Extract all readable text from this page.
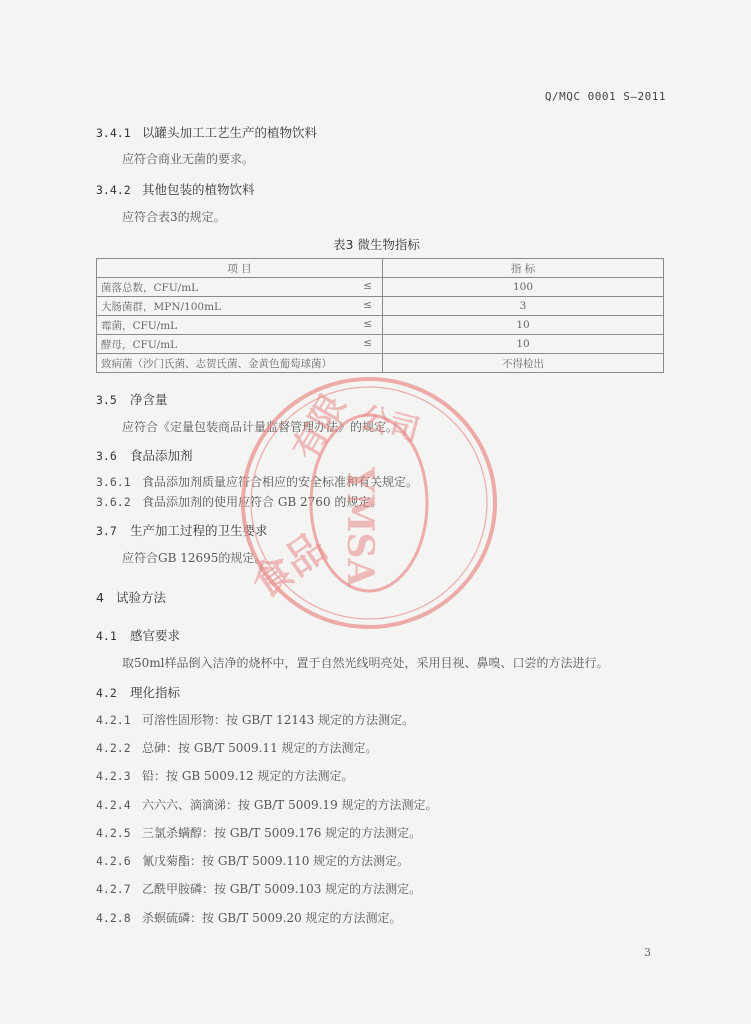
Q/MQC 0001 S—2011
3.4.1 以罐头加工工艺生产的植物饮料
应符合商业无菌的要求。
3.4.2 其他包装的植物饮料
应符合表3的规定。
表3 微生物指标
项 目	指 标
菌落总数，CFU/mL ≤	100
大肠菌群，MPN/100mL ≤	3
霉菌，CFU/mL ≤	10
酵母，CFU/mL ≤	10
致病菌（沙门氏菌、志贺氏菌、金黄色葡萄球菌）	不得检出
3.5 净含量
应符合《定量包装商品计量监督管理办法》的规定。
3.6 食品添加剂
3.6.1 食品添加剂质量应符合相应的安全标准和有关规定。
3.6.2 食品添加剂的使用应符合 GB 2760 的规定。
3.7 生产加工过程的卫生要求
应符合GB 12695的规定。
4 试验方法
4.1 感官要求
取50ml样品倒入洁净的烧杯中，置于自然光线明亮处，采用目视、鼻嗅、口尝的方法进行。
4.2 理化指标
4.2.1 可溶性固形物：按 GB/T 12143 规定的方法测定。
4.2.2 总砷：按 GB/T 5009.11 规定的方法测定。
4.2.3 铅：按 GB 5009.12 规定的方法测定。
4.2.4 六六六、滴滴涕：按 GB/T 5009.19 规定的方法测定。
4.2.5 三氯杀螨醇：按 GB/T 5009.176 规定的方法测定。
4.2.6 氰戊菊酯：按 GB/T 5009.110 规定的方法测定。
4.2.7 乙酰甲胺磷：按 GB/T 5009.103 规定的方法测定。
4.2.8 杀螟硫磷：按 GB/T 5009.20 规定的方法测定。
3
食品
有限 公司
YMSA
